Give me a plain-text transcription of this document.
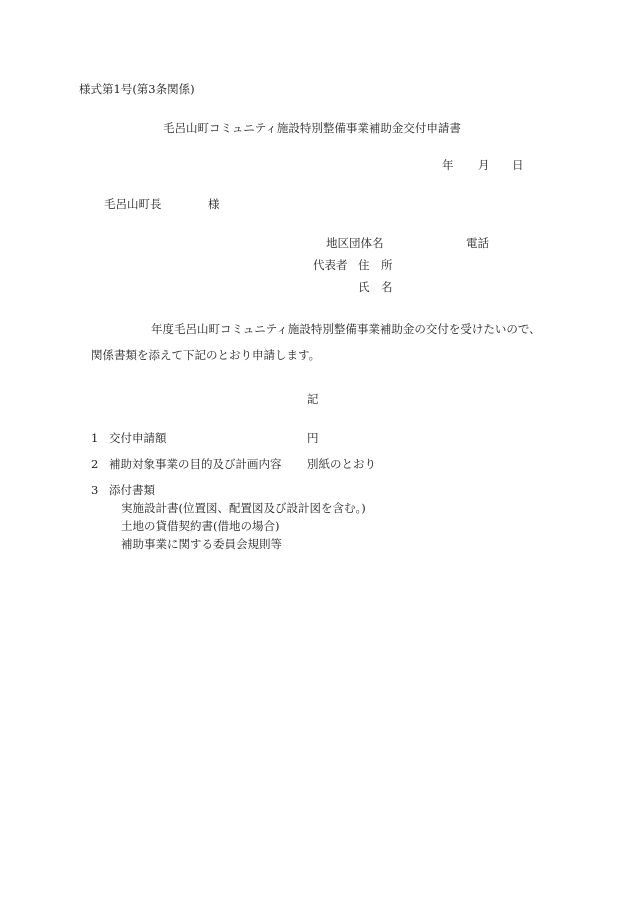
様式第1号(第3条関係)
毛呂山町コミュニティ施設特別整備事業補助金交付申請書
年 月 日
毛呂山町長	様
地区団体名	電話
代表者 住 所
氏 名
年度毛呂山町コミュニティ施設特別整備事業補助金の交付を受けたいので、
関係書類を添えて下記のとおり申請します。
記
1 交付申請額	円
2 補助対象事業の目的及び計画内容 別紙のとおり
3 添付書類
実施設計書(位置図、配置図及び設計図を含む。)
土地の貸借契約書(借地の場合)
補助事業に関する委員会規則等
